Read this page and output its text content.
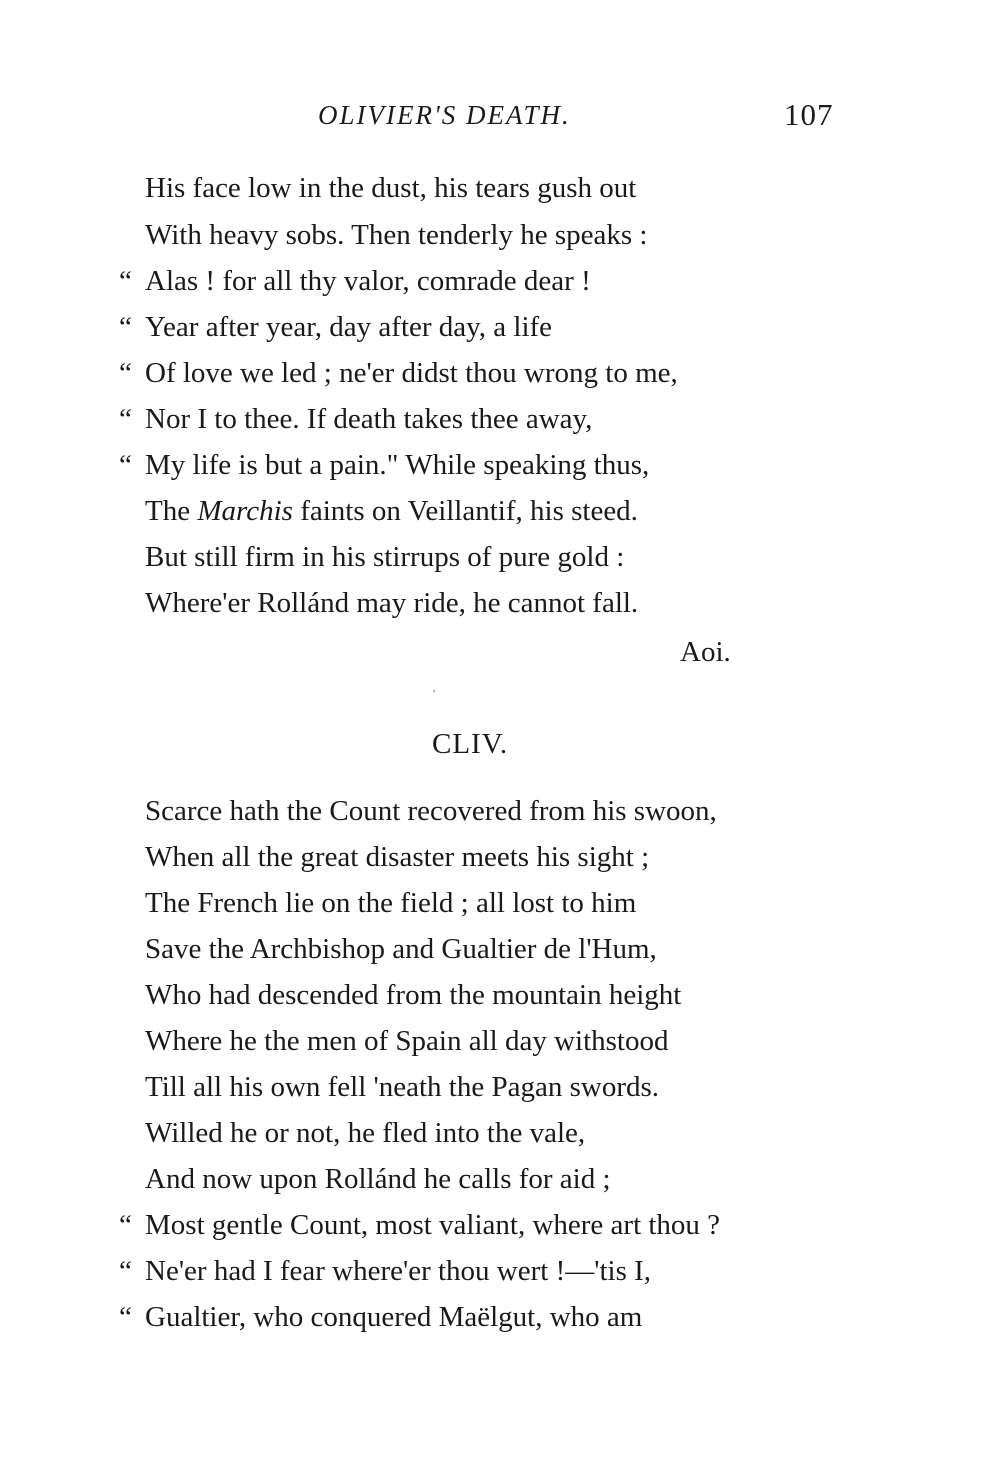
OLIVIER'S DEATH.	107
His face low in the dust, his tears gush out
With heavy sobs. Then tenderly he speaks :
“ Alas ! for all thy valor, comrade dear !
“ Year after year, day after day, a life
“ Of love we led ; ne'er didst thou wrong to me,
“ Nor I to thee. If death takes thee away,
“ My life is but a pain." While speaking thus,
The Marchis faints on Veillantif, his steed.
But still firm in his stirrups of pure gold :
Where'er Rollánd may ride, he cannot fall.
Aoi.
CLIV.
Scarce hath the Count recovered from his swoon,
When all the great disaster meets his sight ;
The French lie on the field ; all lost to him
Save the Archbishop and Gualtier de l'Hum,
Who had descended from the mountain height
Where he the men of Spain all day withstood
Till all his own fell 'neath the Pagan swords.
Willed he or not, he fled into the vale,
And now upon Rollánd he calls for aid ;
“ Most gentle Count, most valiant, where art thou ?
“ Ne'er had I fear where'er thou wert !—'tis I,
“ Gualtier, who conquered Maëlgut, who am
